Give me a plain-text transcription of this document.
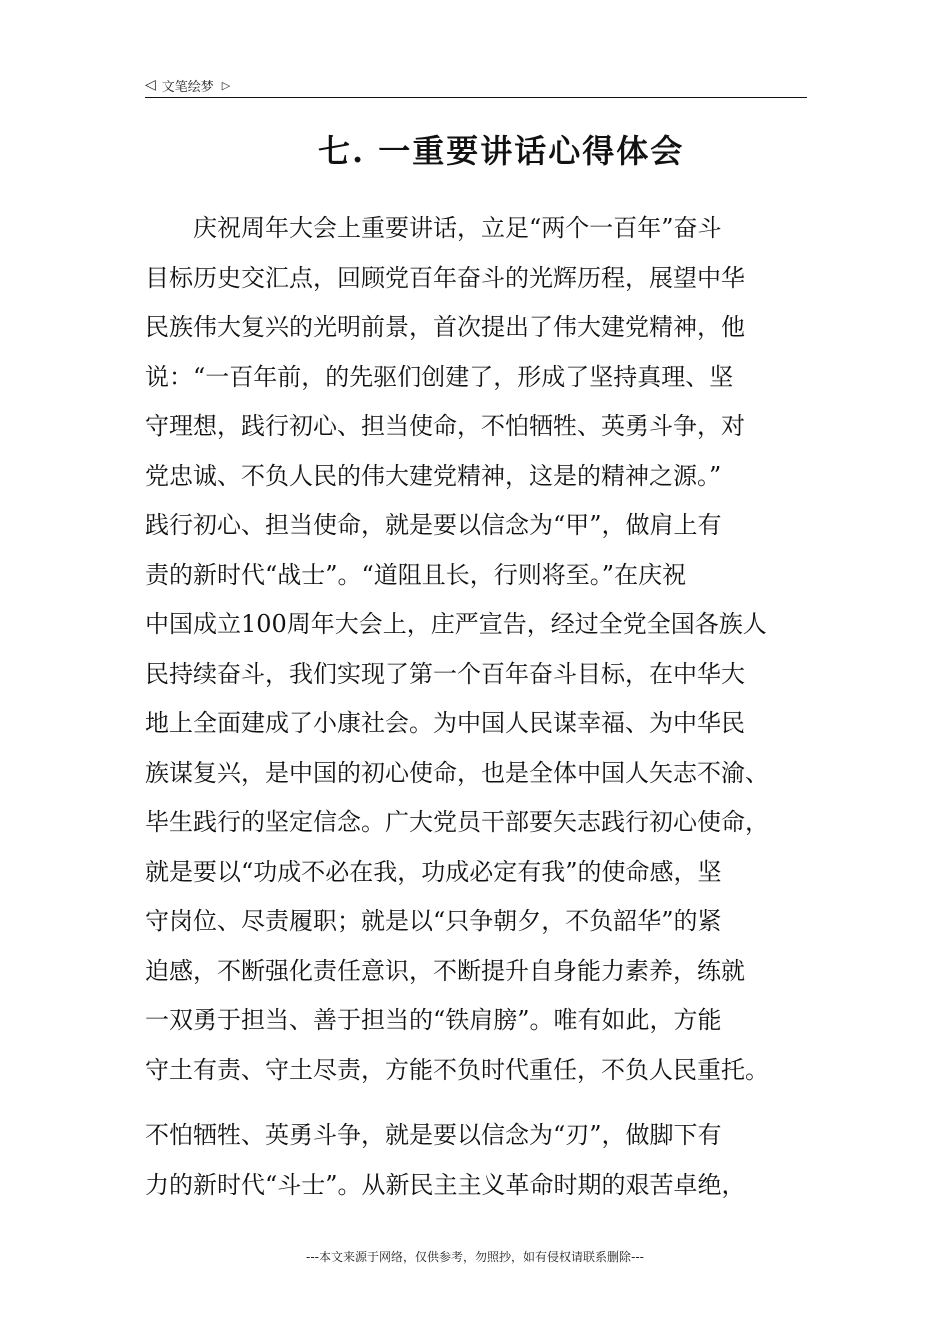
◁ 文笔绘梦 ▷
七. 一重要讲话心得体会
　　庆祝周年大会上重要讲话，立足“两个一百年”奋斗
目标历史交汇点，回顾党百年奋斗的光辉历程，展望中华
民族伟大复兴的光明前景，首次提出了伟大建党精神，他
说：“一百年前，的先驱们创建了，形成了坚持真理、坚
守理想，践行初心、担当使命，不怕牺牲、英勇斗争，对
党忠诚、不负人民的伟大建党精神，这是的精神之源。”
践行初心、担当使命，就是要以信念为“甲”，做肩上有
责的新时代“战士”。“道阻且长，行则将至。”在庆祝
中国成立100周年大会上，庄严宣告，经过全党全国各族人
民持续奋斗，我们实现了第一个百年奋斗目标，在中华大
地上全面建成了小康社会。为中国人民谋幸福、为中华民
族谋复兴，是中国的初心使命，也是全体中国人矢志不渝、
毕生践行的坚定信念。广大党员干部要矢志践行初心使命，
就是要以“功成不必在我，功成必定有我”的使命感，坚
守岗位、尽责履职；就是以“只争朝夕，不负韶华”的紧
迫感，不断强化责任意识，不断提升自身能力素养，练就
一双勇于担当、善于担当的“铁肩膀”。唯有如此，方能
守土有责、守土尽责，方能不负时代重任，不负人民重托。
不怕牺牲、英勇斗争，就是要以信念为“刃”，做脚下有
力的新时代“斗士”。从新民主主义革命时期的艰苦卓绝，
---本文来源于网络，仅供参考，勿照抄，如有侵权请联系删除---
